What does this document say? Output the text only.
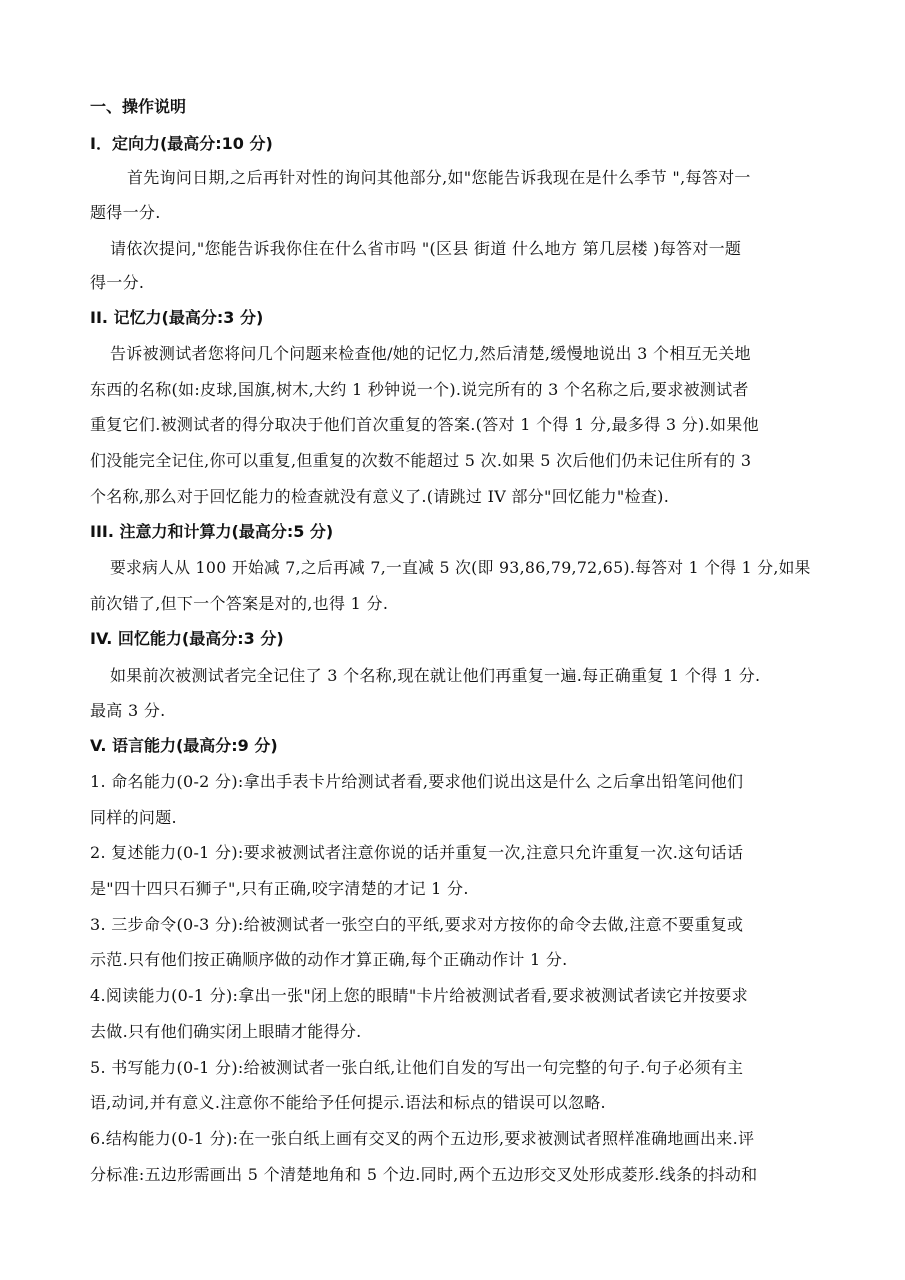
一、操作说明
I．定向力(最高分:10 分)
首先询问日期,之后再针对性的询问其他部分,如"您能告诉我现在是什么季节 ",每答对一
题得一分.
请依次提问,"您能告诉我你住在什么省市吗 "(区县 街道 什么地方 第几层楼 )每答对一题
得一分.
II. 记忆力(最高分:3 分)
告诉被测试者您将问几个问题来检查他/她的记忆力,然后清楚,缓慢地说出 3 个相互无关地
东西的名称(如:皮球,国旗,树木,大约 1 秒钟说一个).说完所有的 3 个名称之后,要求被测试者
重复它们.被测试者的得分取决于他们首次重复的答案.(答对 1 个得 1 分,最多得 3 分).如果他
们没能完全记住,你可以重复,但重复的次数不能超过 5 次.如果 5 次后他们仍未记住所有的 3
个名称,那么对于回忆能力的检查就没有意义了.(请跳过 IV 部分"回忆能力"检查).
III. 注意力和计算力(最高分:5 分)
要求病人从 100 开始减 7,之后再减 7,一直减 5 次(即 93,86,79,72,65).每答对 1 个得 1 分,如果
前次错了,但下一个答案是对的,也得 1 分.
IV. 回忆能力(最高分:3 分)
如果前次被测试者完全记住了 3 个名称,现在就让他们再重复一遍.每正确重复 1 个得 1 分.
最高 3 分.
V. 语言能力(最高分:9 分)
1. 命名能力(0-2 分):拿出手表卡片给测试者看,要求他们说出这是什么 之后拿出铅笔问他们
同样的问题.
2. 复述能力(0-1 分):要求被测试者注意你说的话并重复一次,注意只允许重复一次.这句话话
是"四十四只石狮子",只有正确,咬字清楚的才记 1 分.
3. 三步命令(0-3 分):给被测试者一张空白的平纸,要求对方按你的命令去做,注意不要重复或
示范.只有他们按正确顺序做的动作才算正确,每个正确动作计 1 分.
4.阅读能力(0-1 分):拿出一张"闭上您的眼睛"卡片给被测试者看,要求被测试者读它并按要求
去做.只有他们确实闭上眼睛才能得分.
5. 书写能力(0-1 分):给被测试者一张白纸,让他们自发的写出一句完整的句子.句子必须有主
语,动词,并有意义.注意你不能给予任何提示.语法和标点的错误可以忽略.
6.结构能力(0-1 分):在一张白纸上画有交叉的两个五边形,要求被测试者照样准确地画出来.评
分标准:五边形需画出 5 个清楚地角和 5 个边.同时,两个五边形交叉处形成菱形.线条的抖动和
